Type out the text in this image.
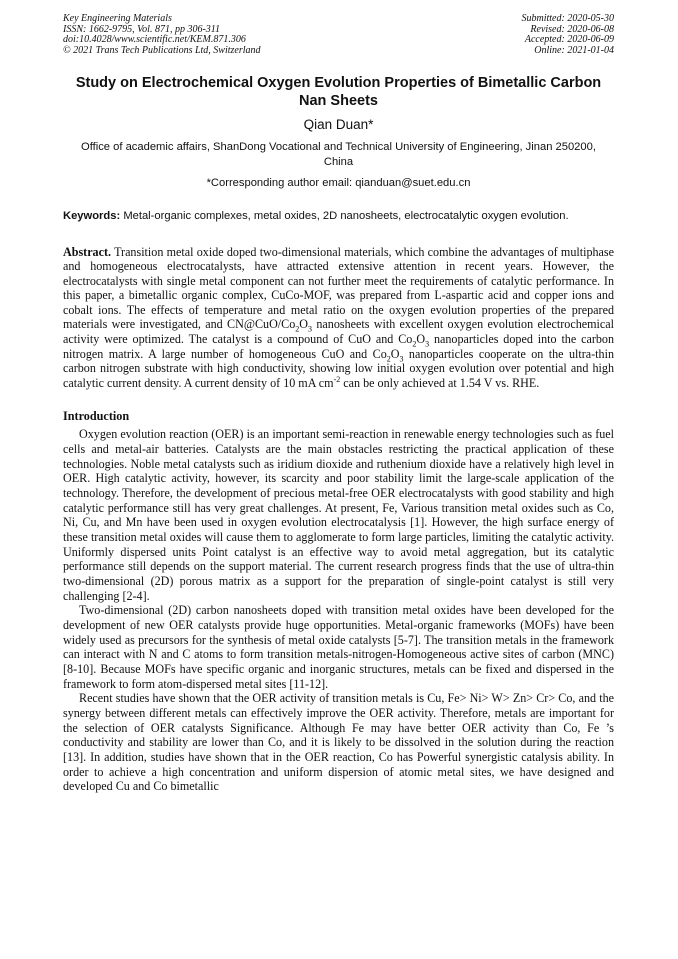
Key Engineering Materials
ISSN: 1662-9795, Vol. 871, pp 306-311
doi:10.4028/www.scientific.net/KEM.871.306
© 2021 Trans Tech Publications Ltd, Switzerland
Submitted: 2020-05-30
Revised: 2020-06-08
Accepted: 2020-06-09
Online: 2021-01-04
Study on Electrochemical Oxygen Evolution Properties of Bimetallic Carbon Nan Sheets
Qian Duan*
Office of academic affairs, ShanDong Vocational and Technical University of Engineering, Jinan 250200, China
*Corresponding author email: qianduan@suet.edu.cn
Keywords: Metal-organic complexes, metal oxides, 2D nanosheets, electrocatalytic oxygen evolution.
Abstract. Transition metal oxide doped two-dimensional materials, which combine the advantages of multiphase and homogeneous electrocatalysts, have attracted extensive attention in recent years. However, the electrocatalysts with single metal component can not further meet the requirements of catalytic performance. In this paper, a bimetallic organic complex, CuCo-MOF, was prepared from L-aspartic acid and copper ions and cobalt ions. The effects of temperature and metal ratio on the oxygen evolution properties of the prepared materials were investigated, and $CN@CuO/Co_2O_3$ nanosheets with excellent oxygen evolution electrochemical activity were optimized. The catalyst is a compound of CuO and $Co_2O_3$ nanoparticles doped into the carbon nitrogen matrix. A large number of homogeneous CuO and $Co_2O_3$ nanoparticles cooperate on the ultra-thin carbon nitrogen substrate with high conductivity, showing low initial oxygen evolution over potential and high catalytic current density. A current density of 10 mA $cm^{-2}$ can be only achieved at 1.54 V vs. RHE.
Introduction
Oxygen evolution reaction (OER) is an important semi-reaction in renewable energy technologies such as fuel cells and metal-air batteries. Catalysts are the main obstacles restricting the practical application of these technologies. Noble metal catalysts such as iridium dioxide and ruthenium dioxide have a relatively high level in OER. High catalytic activity, however, its scarcity and poor stability limit the large-scale application of the technology. Therefore, the development of precious metal-free OER electrocatalysts with good stability and high catalytic performance still has very great challenges. At present, Fe, Various transition metal oxides such as Co, Ni, Cu, and Mn have been used in oxygen evolution electrocatalysis [1]. However, the high surface energy of these transition metal oxides will cause them to agglomerate to form large particles, limiting the catalytic activity. Uniformly dispersed units Point catalyst is an effective way to avoid metal aggregation, but its catalytic performance still depends on the support material. The current research progress finds that the use of ultra-thin two-dimensional (2D) porous matrix as a support for the preparation of single-point catalyst is still very challenging [2-4].
Two-dimensional (2D) carbon nanosheets doped with transition metal oxides have been developed for the development of new OER catalysts provide huge opportunities. Metal-organic frameworks (MOFs) have been widely used as precursors for the synthesis of metal oxide catalysts [5-7]. The transition metals in the framework can interact with N and C atoms to form transition metals-nitrogen-Homogeneous active sites of carbon (MNC) [8-10]. Because MOFs have specific organic and inorganic structures, metals can be fixed and dispersed in the framework to form atom-dispersed metal sites [11-12].
Recent studies have shown that the OER activity of transition metals is Cu, Fe> Ni> W> Zn> Cr> Co, and the synergy between different metals can effectively improve the OER activity. Therefore, metals are important for the selection of OER catalysts Significance. Although Fe may have better OER activity than Co, Fe ’s conductivity and stability are lower than Co, and it is likely to be dissolved in the solution during the reaction [13]. In addition, studies have shown that in the OER reaction, Co has Powerful synergistic catalysis ability. In order to achieve a high concentration and uniform dispersion of atomic metal sites, we have designed and developed Cu and Co bimetallic
